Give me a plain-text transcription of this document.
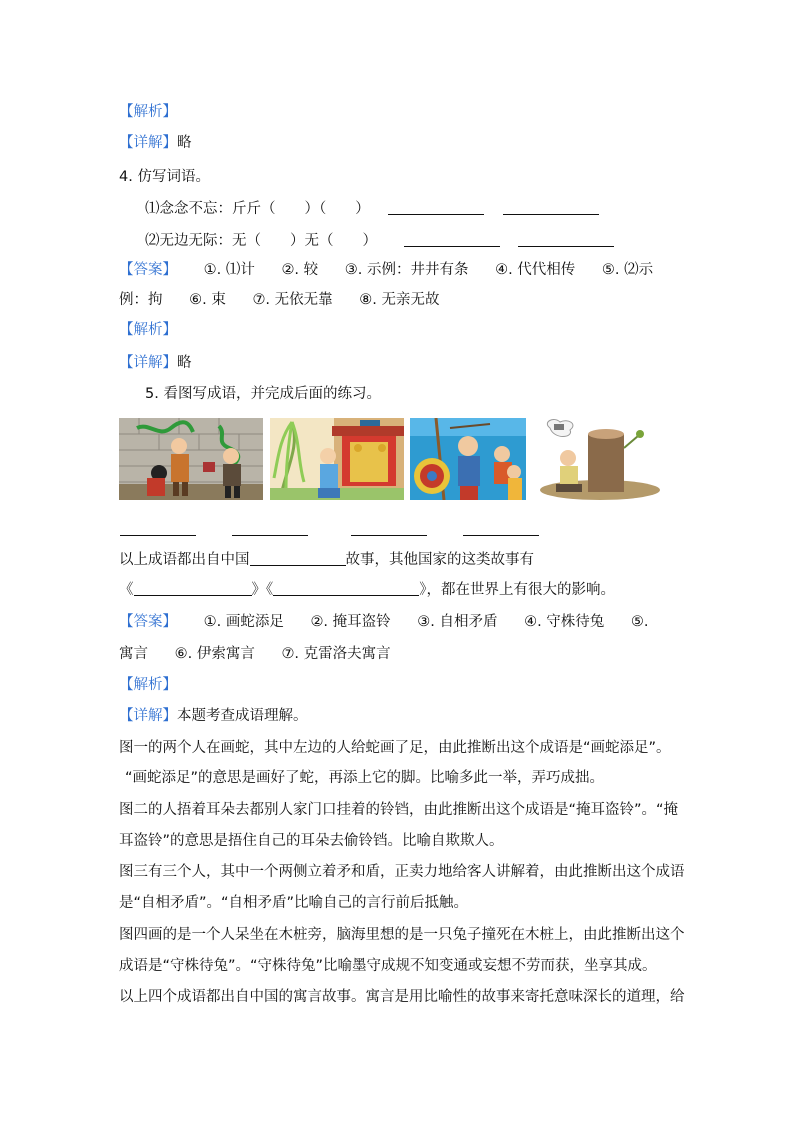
【解析】
【详解】略
4. 仿写词语。
⑴念念不忘：斤斤（　　）（　　）
⑵无边无际：无（　　）无（　　）
【答案】 ①. ⑴计 ②. 较 ③. 示例：井井有条 ④. 代代相传 ⑤. ⑵示
例：拘 ⑥. 束 ⑦. 无依无靠 ⑧. 无亲无故
【解析】
【详解】略
5. 看图写成语，并完成后面的练习。
以上成语都出自中国	故事，其他国家的这类故事有
《	》《	》，都在世界上有很大的影响。
【答案】 ①. 画蛇添足 ②. 掩耳盗铃 ③. 自相矛盾 ④. 守株待兔 ⑤.
寓言 ⑥. 伊索寓言 ⑦. 克雷洛夫寓言
【解析】
【详解】本题考查成语理解。
图一的两个人在画蛇，其中左边的人给蛇画了足，由此推断出这个成语是“画蛇添足”。
“画蛇添足”的意思是画好了蛇，再添上它的脚。比喻多此一举，弄巧成拙。
图二的人捂着耳朵去都别人家门口挂着的铃铛，由此推断出这个成语是“掩耳盗铃”。“掩
耳盗铃”的意思是捂住自己的耳朵去偷铃铛。比喻自欺欺人。
图三有三个人，其中一个两侧立着矛和盾，正卖力地给客人讲解着，由此推断出这个成语
是“自相矛盾”。“自相矛盾”比喻自己的言行前后抵触。
图四画的是一个人呆坐在木桩旁，脑海里想的是一只兔子撞死在木桩上，由此推断出这个
成语是“守株待兔”。“守株待兔”比喻墨守成规不知变通或妄想不劳而获，坐享其成。
以上四个成语都出自中国的寓言故事。寓言是用比喻性的故事来寄托意味深长的道理，给
